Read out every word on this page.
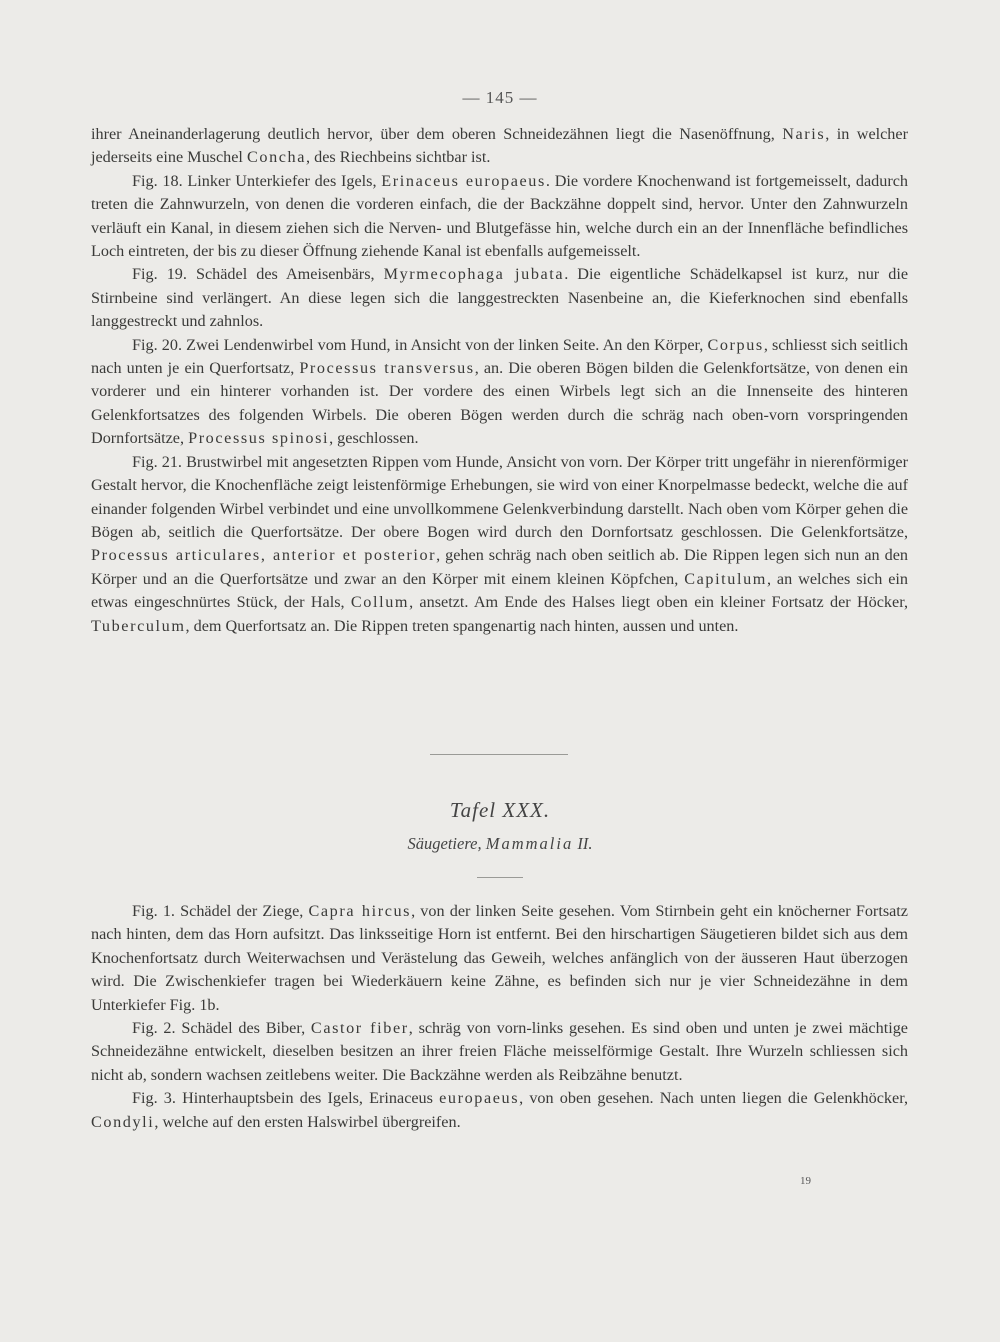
— 145 —

ihrer Aneinanderlagerung deutlich hervor, über dem oberen Schneidezähnen liegt die Nasenöffnung, Naris, in welcher jederseits eine Muschel Concha, des Riechbeins sichtbar ist.

Fig. 18. Linker Unterkiefer des Igels, Erinaceus europaeus. Die vordere Knochenwand ist fortgemeisselt, dadurch treten die Zahnwurzeln, von denen die vorderen einfach, die der Backzähne doppelt sind, hervor. Unter den Zahnwurzeln verläuft ein Kanal, in diesem ziehen sich die Nerven- und Blutgefässe hin, welche durch ein an der Innenfläche befindliches Loch eintreten, der bis zu dieser Öffnung ziehende Kanal ist ebenfalls aufgemeisselt.

Fig. 19. Schädel des Ameisenbärs, Myrmecophaga jubata. Die eigentliche Schädelkapsel ist kurz, nur die Stirnbeine sind verlängert. An diese legen sich die langgestreckten Nasenbeine an, die Kieferknochen sind ebenfalls langgestreckt und zahnlos.

Fig. 20. Zwei Lendenwirbel vom Hund, in Ansicht von der linken Seite. An den Körper, Corpus, schliesst sich seitlich nach unten je ein Querfortsatz, Processus transversus, an. Die oberen Bögen bilden die Gelenkfortsätze, von denen ein vorderer und ein hinterer vorhanden ist. Der vordere des einen Wirbels legt sich an die Innenseite des hinteren Gelenkfortsatzes des folgenden Wirbels. Die oberen Bögen werden durch die schräg nach oben-vorn vorspringenden Dornfortsätze, Processus spinosi, geschlossen.

Fig. 21. Brustwirbel mit angesetzten Rippen vom Hunde, Ansicht von vorn. Der Körper tritt ungefähr in nierenförmiger Gestalt hervor, die Knochenfläche zeigt leistenförmige Erhebungen, sie wird von einer Knorpelmasse bedeckt, welche die auf einander folgenden Wirbel verbindet und eine unvollkommene Gelenkverbindung darstellt. Nach oben vom Körper gehen die Bögen ab, seitlich die Querfortsätze. Der obere Bogen wird durch den Dornfortsatz geschlossen. Die Gelenkfortsätze, Processus articulares, anterior et posterior, gehen schräg nach oben seitlich ab. Die Rippen legen sich nun an den Körper und an die Querfortsätze und zwar an den Körper mit einem kleinen Köpfchen, Capitulum, an welches sich ein etwas eingeschnürtes Stück, der Hals, Collum, ansetzt. Am Ende des Halses liegt oben ein kleiner Fortsatz der Höcker, Tuberculum, dem Querfortsatz an. Die Rippen treten spangenartig nach hinten, aussen und unten.

Tafel XXX.
Säugetiere, Mammalia II.

Fig. 1. Schädel der Ziege, Capra hircus, von der linken Seite gesehen. Vom Stirnbein geht ein knöcherner Fortsatz nach hinten, dem das Horn aufsitzt. Das linksseitige Horn ist entfernt. Bei den hirschartigen Säugetieren bildet sich aus dem Knochenfortsatz durch Weiterwachsen und Verästelung das Geweih, welches anfänglich von der äusseren Haut überzogen wird. Die Zwischenkiefer tragen bei Wiederkäuern keine Zähne, es befinden sich nur je vier Schneidezähne in dem Unterkiefer Fig. 1b.

Fig. 2. Schädel des Biber, Castor fiber, schräg von vorn-links gesehen. Es sind oben und unten je zwei mächtige Schneidezähne entwickelt, dieselben besitzen an ihrer freien Fläche meisselförmige Gestalt. Ihre Wurzeln schliessen sich nicht ab, sondern wachsen zeitlebens weiter. Die Backzähne werden als Reibzähne benutzt.

Fig. 3. Hinterhauptsbein des Igels, Erinaceus europaeus, von oben gesehen. Nach unten liegen die Gelenkhöcker, Condyli, welche auf den ersten Halswirbel übergreifen.

19
